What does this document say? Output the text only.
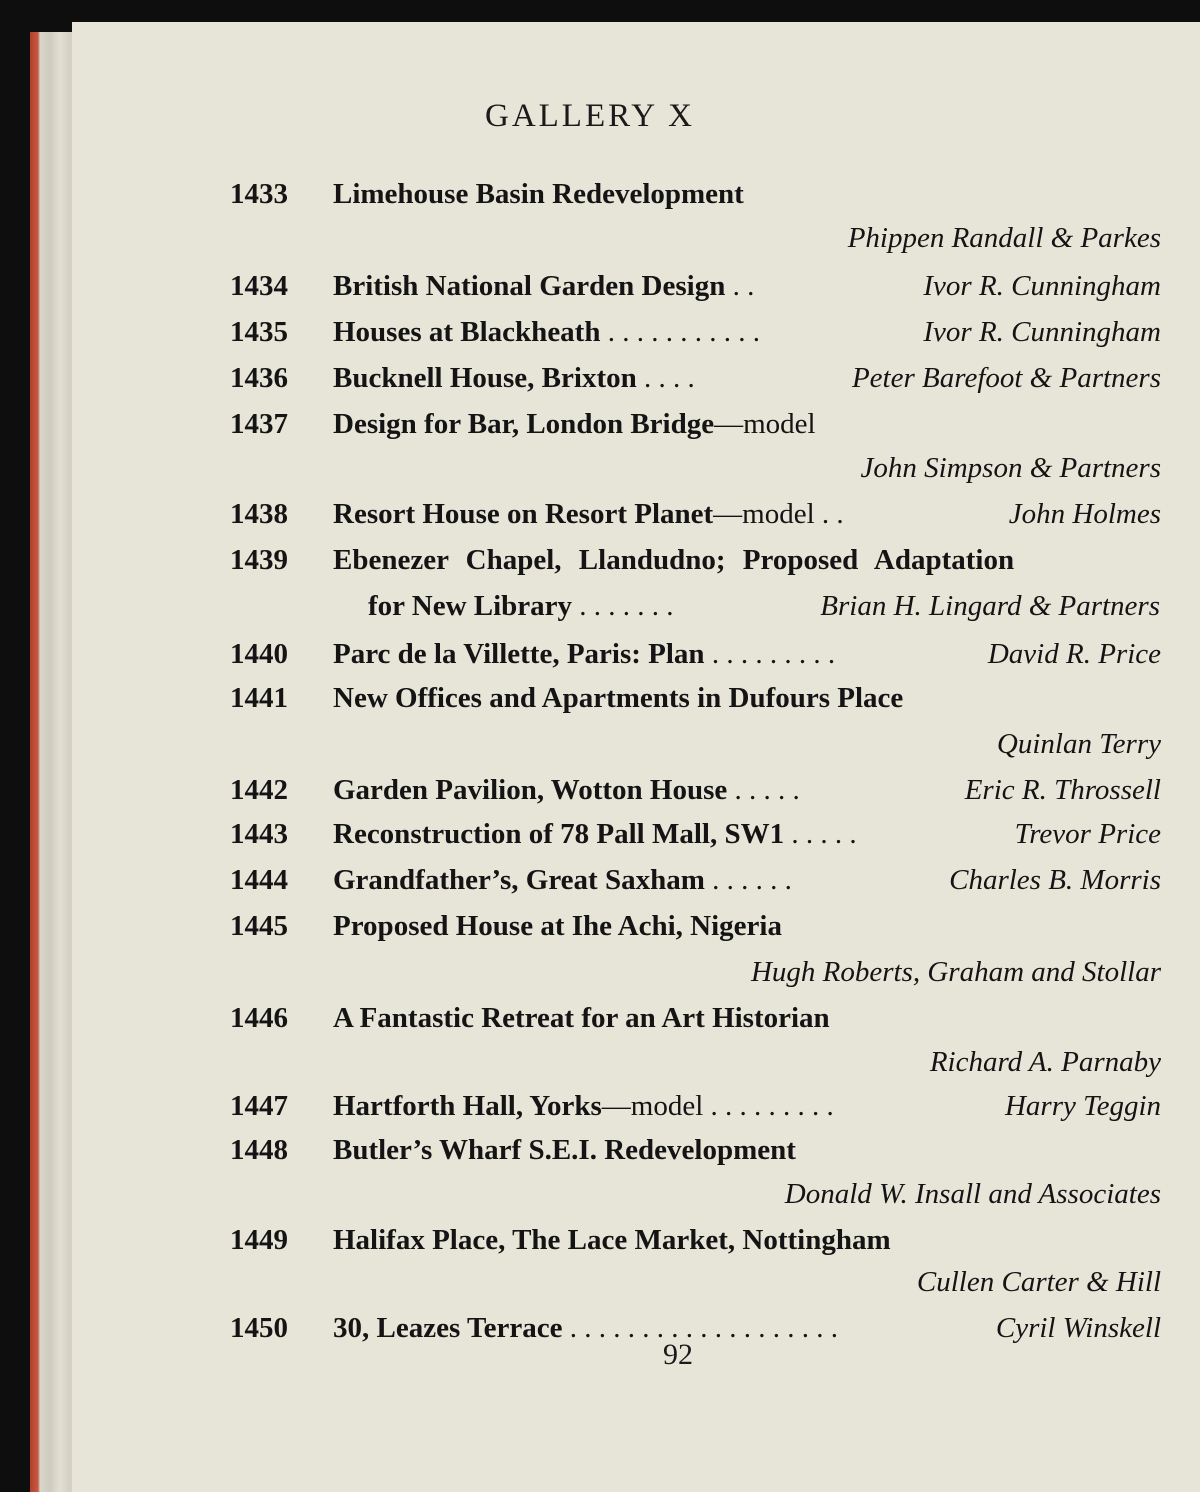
GALLERY X
1433 Limehouse Basin Redevelopment
Phippen Randall & Parkes
1434 British National Garden Design . .	Ivor R. Cunningham
1435 Houses at Blackheath . . . . . . . . . . .	Ivor R. Cunningham
1436 Bucknell House, Brixton . . . .	Peter Barefoot & Partners
1437 Design for Bar, London Bridge—model
John Simpson & Partners
1438 Resort House on Resort Planet—model . .	John Holmes
1439 Ebenezer Chapel, Llandudno; Proposed Adaptation
for New Library . . . . . . .	Brian H. Lingard & Partners
1440 Parc de la Villette, Paris: Plan . . . . . . . . .	David R. Price
1441 New Offices and Apartments in Dufours Place
Quinlan Terry
1442 Garden Pavilion, Wotton House . . . . .	Eric R. Throssell
1443 Reconstruction of 78 Pall Mall, SW1 . . . . .	Trevor Price
1444 Grandfather’s, Great Saxham . . . . . .	Charles B. Morris
1445 Proposed House at Ihe Achi, Nigeria
Hugh Roberts, Graham and Stollar
1446 A Fantastic Retreat for an Art Historian
Richard A. Parnaby
1447 Hartforth Hall, Yorks—model . . . . . . . . .	Harry Teggin
1448 Butler’s Wharf S.E.I. Redevelopment
Donald W. Insall and Associates
1449 Halifax Place, The Lace Market, Nottingham
Cullen Carter & Hill
1450 30, Leazes Terrace . . . . . . . . . . . . . . . . . . .	Cyril Winskell
92
